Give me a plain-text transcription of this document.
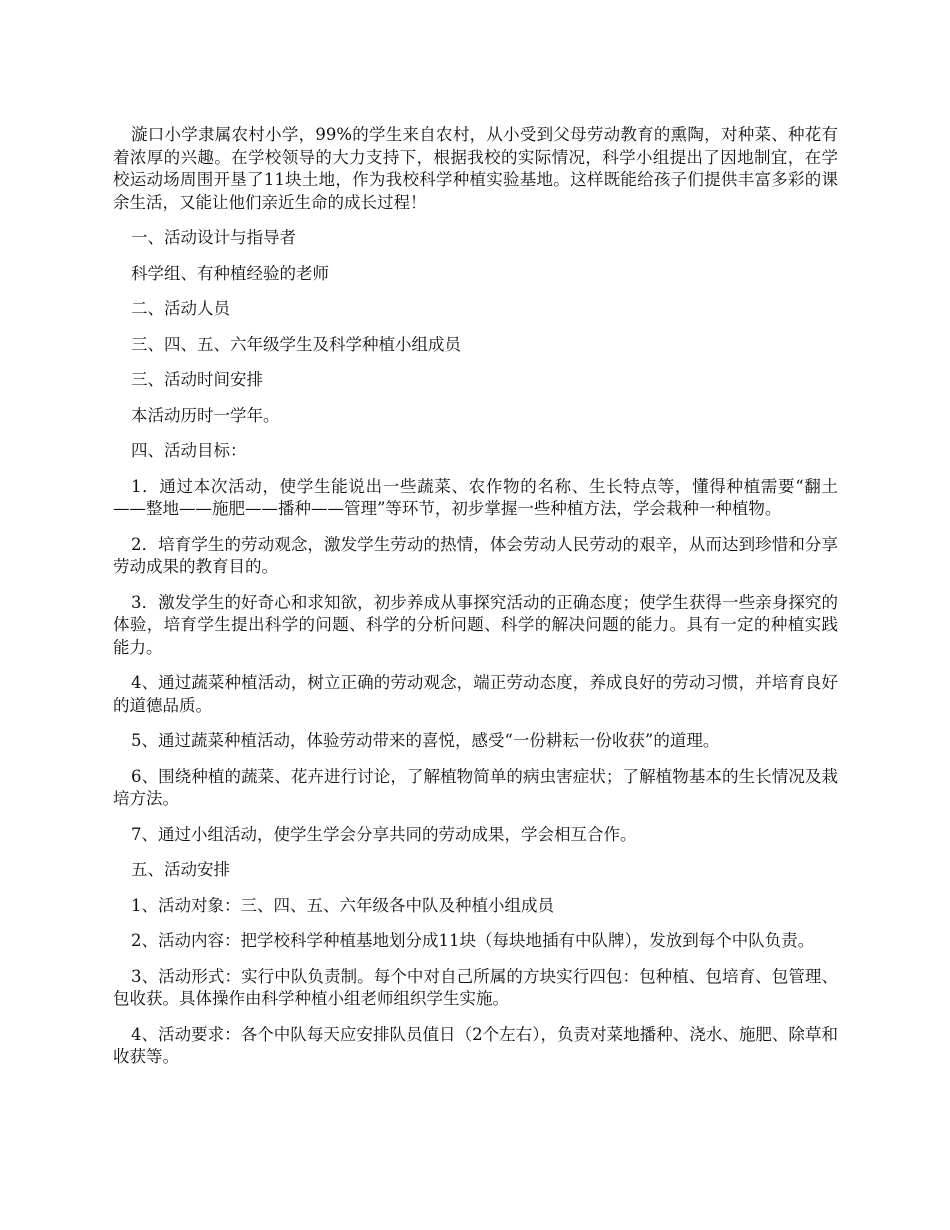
漩口小学隶属农村小学，99%的学生来自农村，从小受到父母劳动教育的熏陶，对种菜、种花有着浓厚的兴趣。在学校领导的大力支持下，根据我校的实际情况，科学小组提出了因地制宜，在学校运动场周围开垦了11块土地，作为我校科学种植实验基地。这样既能给孩子们提供丰富多彩的课余生活，又能让他们亲近生命的成长过程！

一、活动设计与指导者

科学组、有种植经验的老师

二、活动人员

三、四、五、六年级学生及科学种植小组成员

三、活动时间安排

本活动历时一学年。

四、活动目标：

1．通过本次活动，使学生能说出一些蔬菜、农作物的名称、生长特点等，懂得种植需要“翻土——整地——施肥——播种——管理”等环节，初步掌握一些种植方法，学会栽种一种植物。

2．培育学生的劳动观念，激发学生劳动的热情，体会劳动人民劳动的艰辛，从而达到珍惜和分享劳动成果的教育目的。

3．激发学生的好奇心和求知欲，初步养成从事探究活动的正确态度；使学生获得一些亲身探究的体验，培育学生提出科学的问题、科学的分析问题、科学的解决问题的能力。具有一定的种植实践能力。

4、通过蔬菜种植活动，树立正确的劳动观念，端正劳动态度，养成良好的劳动习惯，并培育良好的道德品质。

5、通过蔬菜种植活动，体验劳动带来的喜悦，感受“一份耕耘一份收获”的道理。

6、围绕种植的蔬菜、花卉进行讨论，了解植物简单的病虫害症状；了解植物基本的生长情况及栽培方法。

7、通过小组活动，使学生学会分享共同的劳动成果，学会相互合作。

五、活动安排

1、活动对象：三、四、五、六年级各中队及种植小组成员

2、活动内容：把学校科学种植基地划分成11块（每块地插有中队牌），发放到每个中队负责。

3、活动形式：实行中队负责制。每个中对自己所属的方块实行四包：包种植、包培育、包管理、包收获。具体操作由科学种植小组老师组织学生实施。

4、活动要求：各个中队每天应安排队员值日（2个左右），负责对菜地播种、浇水、施肥、除草和收获等。
